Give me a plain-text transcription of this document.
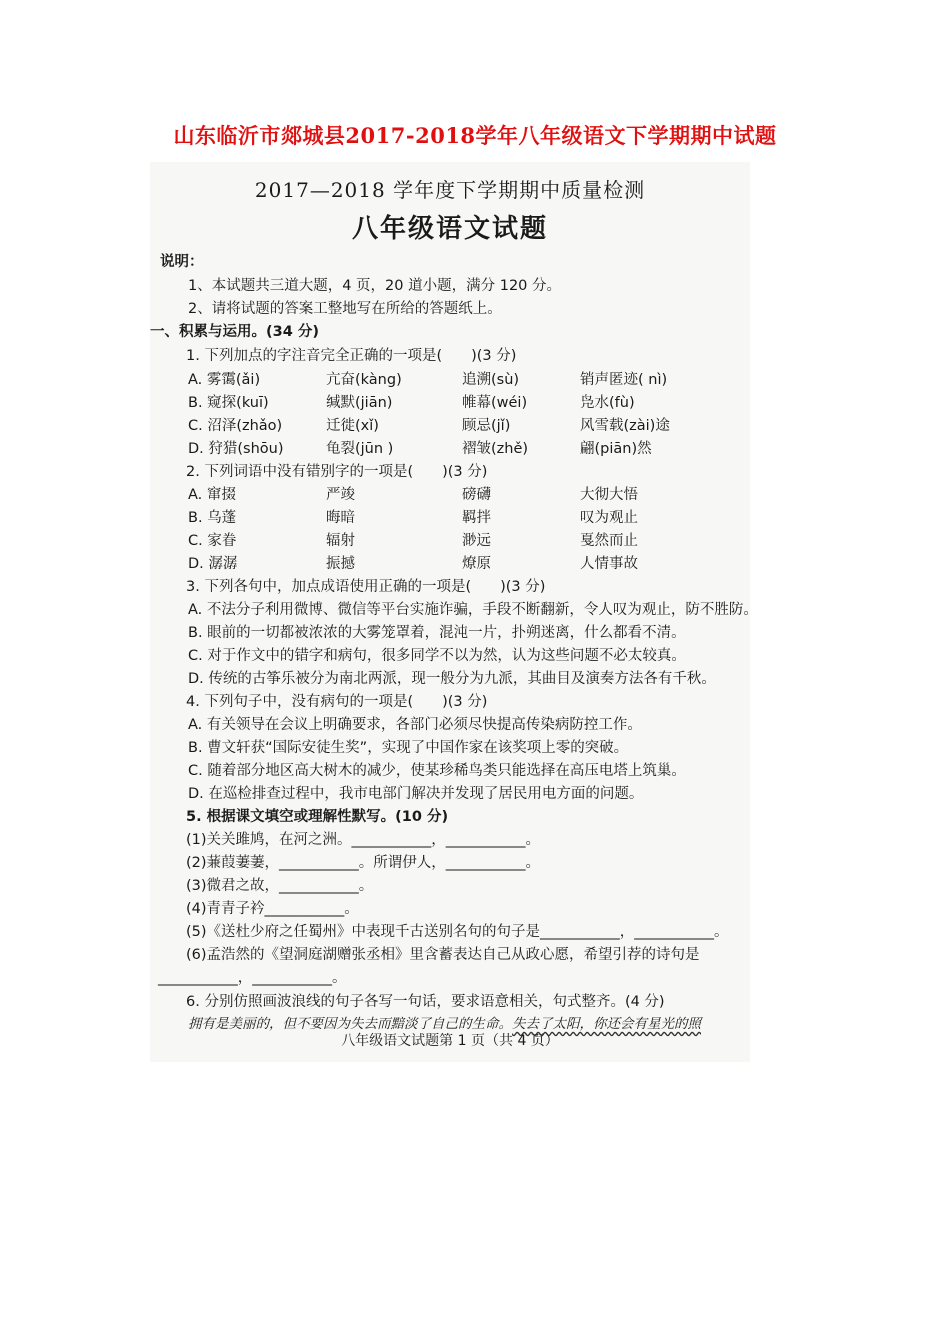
山东临沂市郯城县2017-2018学年八年级语文下学期期中试题
2017—2018 学年度下学期期中质量检测
八年级语文试题
说明：
1、本试题共三道大题，4 页，20 道小题，满分 120 分。
2、请将试题的答案工整地写在所给的答题纸上。
一、积累与运用。(34 分)
1. 下列加点的字注音完全正确的一项是(　　)(3 分)
A. 雾霭(ǎi)	亢奋(kàng)	追溯(sù)	销声匿迹( nì)
B. 窥探(kuī)	缄默(jiān)	帷幕(wéi)	凫水(fù)
C. 沼泽(zhǎo)	迁徙(xǐ)	顾忌(jǐ)	风雪载(zài)途
D. 狩猎(shōu)	龟裂(jūn )	褶皱(zhě)	翩(piān)然
2. 下列词语中没有错别字的一项是(　　)(3 分)
A. 窜掇	严竣	磅礴	大彻大悟
B. 乌蓬	晦暗	羁拌	叹为观止
C. 家眷	辐射	渺远	戛然而止
D. 潺潺	振撼	燎原	人情事故
3. 下列各句中，加点成语使用正确的一项是(　　)(3 分)
A. 不法分子利用微博、微信等平台实施诈骗，手段不断翻新，令人叹为观止，防不胜防。
B. 眼前的一切都被浓浓的大雾笼罩着，混沌一片，扑朔迷离，什么都看不清。
C. 对于作文中的错字和病句，很多同学不以为然，认为这些问题不必太较真。
D. 传统的古筝乐被分为南北两派，现一般分为九派，其曲目及演奏方法各有千秋。
4. 下列句子中，没有病句的一项是(　　)(3 分)
A. 有关领导在会议上明确要求，各部门必须尽快提高传染病防控工作。
B. 曹文轩获“国际安徒生奖”，实现了中国作家在该奖项上零的突破。
C. 随着部分地区高大树木的减少，使某珍稀鸟类只能选择在高压电塔上筑巢。
D. 在巡检排查过程中，我市电部门解决并发现了居民用电方面的问题。
5. 根据课文填空或理解性默写。(10 分)
(1)关关雎鸠，在河之洲。___________，___________。
(2)蒹葭萋萋，___________。所谓伊人，___________。
(3)微君之故，___________。
(4)青青子衿___________。
(5)《送杜少府之任蜀州》中表现千古送别名句的句子是___________，___________。
(6)孟浩然的《望洞庭湖赠张丞相》里含蓄表达自己从政心愿，希望引荐的诗句是
___________，___________。
6. 分别仿照画波浪线的句子各写一句话，要求语意相关，句式整齐。(4 分)
拥有是美丽的，但不要因为失去而黯淡了自己的生命。失去了太阳，你还会有星光的照
八年级语文试题第 1 页（共 4 页）
